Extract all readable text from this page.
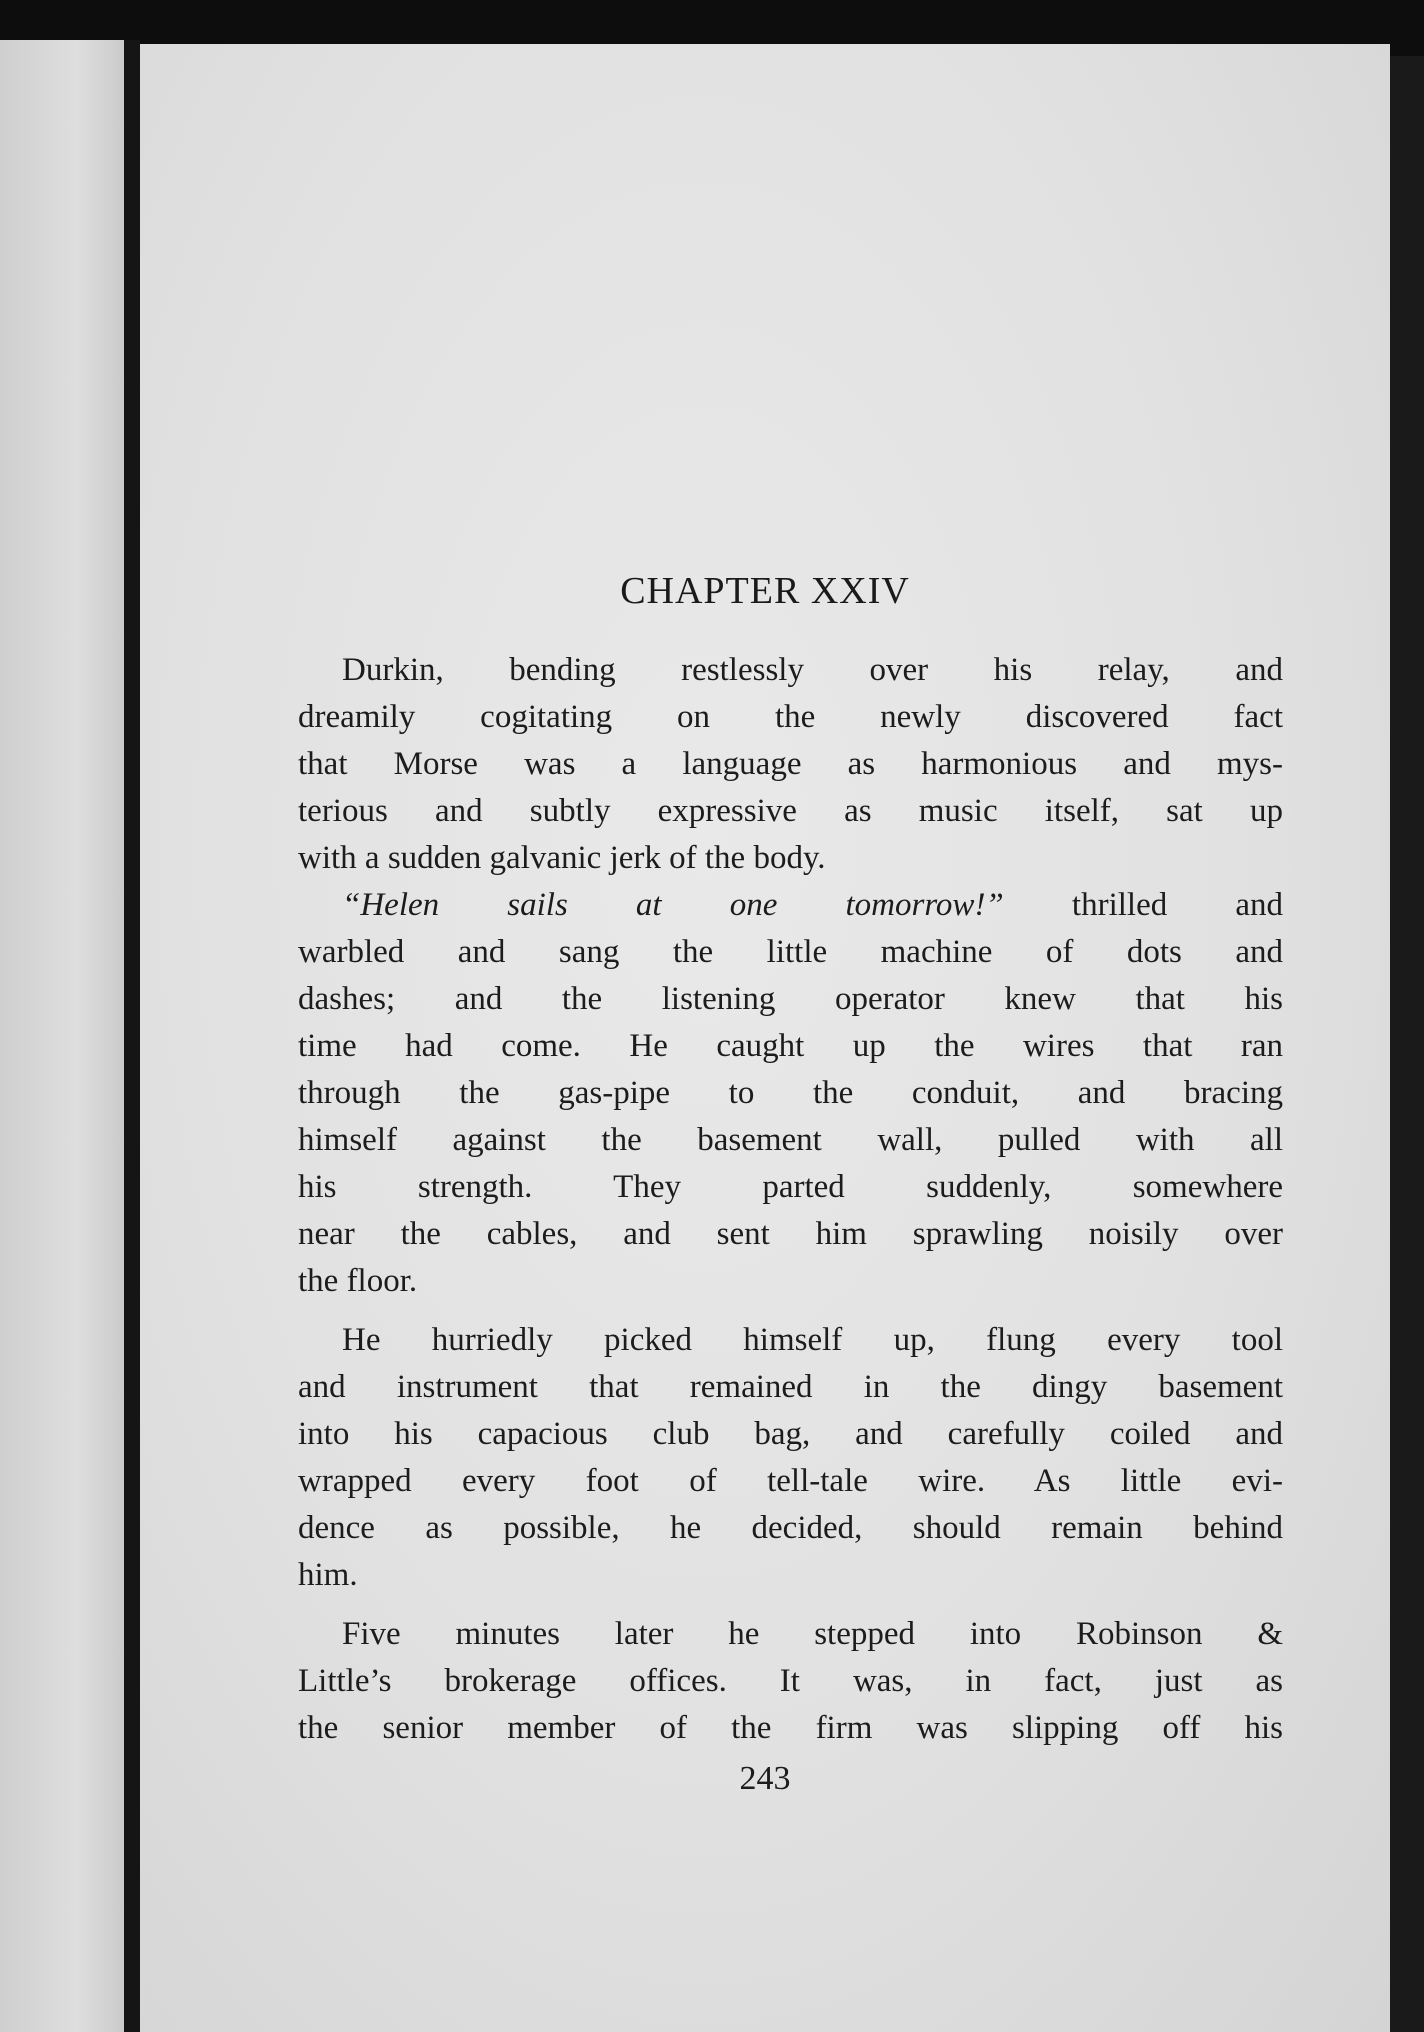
CHAPTER XXIV
Durkin, bending restlessly over his relay, and
dreamily cogitating on the newly discovered fact
that Morse was a language as harmonious and mys-
terious and subtly expressive as music itself, sat up
with a sudden galvanic jerk of the body.
“Helen sails at one tomorrow!” thrilled and
warbled and sang the little machine of dots and
dashes; and the listening operator knew that his
time had come. He caught up the wires that ran
through the gas-pipe to the conduit, and bracing
himself against the basement wall, pulled with all
his strength. They parted suddenly, somewhere
near the cables, and sent him sprawling noisily over
the floor.
He hurriedly picked himself up, flung every tool
and instrument that remained in the dingy basement
into his capacious club bag, and carefully coiled and
wrapped every foot of tell-tale wire. As little evi-
dence as possible, he decided, should remain behind
him.
Five minutes later he stepped into Robinson &
Little’s brokerage offices. It was, in fact, just as
the senior member of the firm was slipping off his

243
